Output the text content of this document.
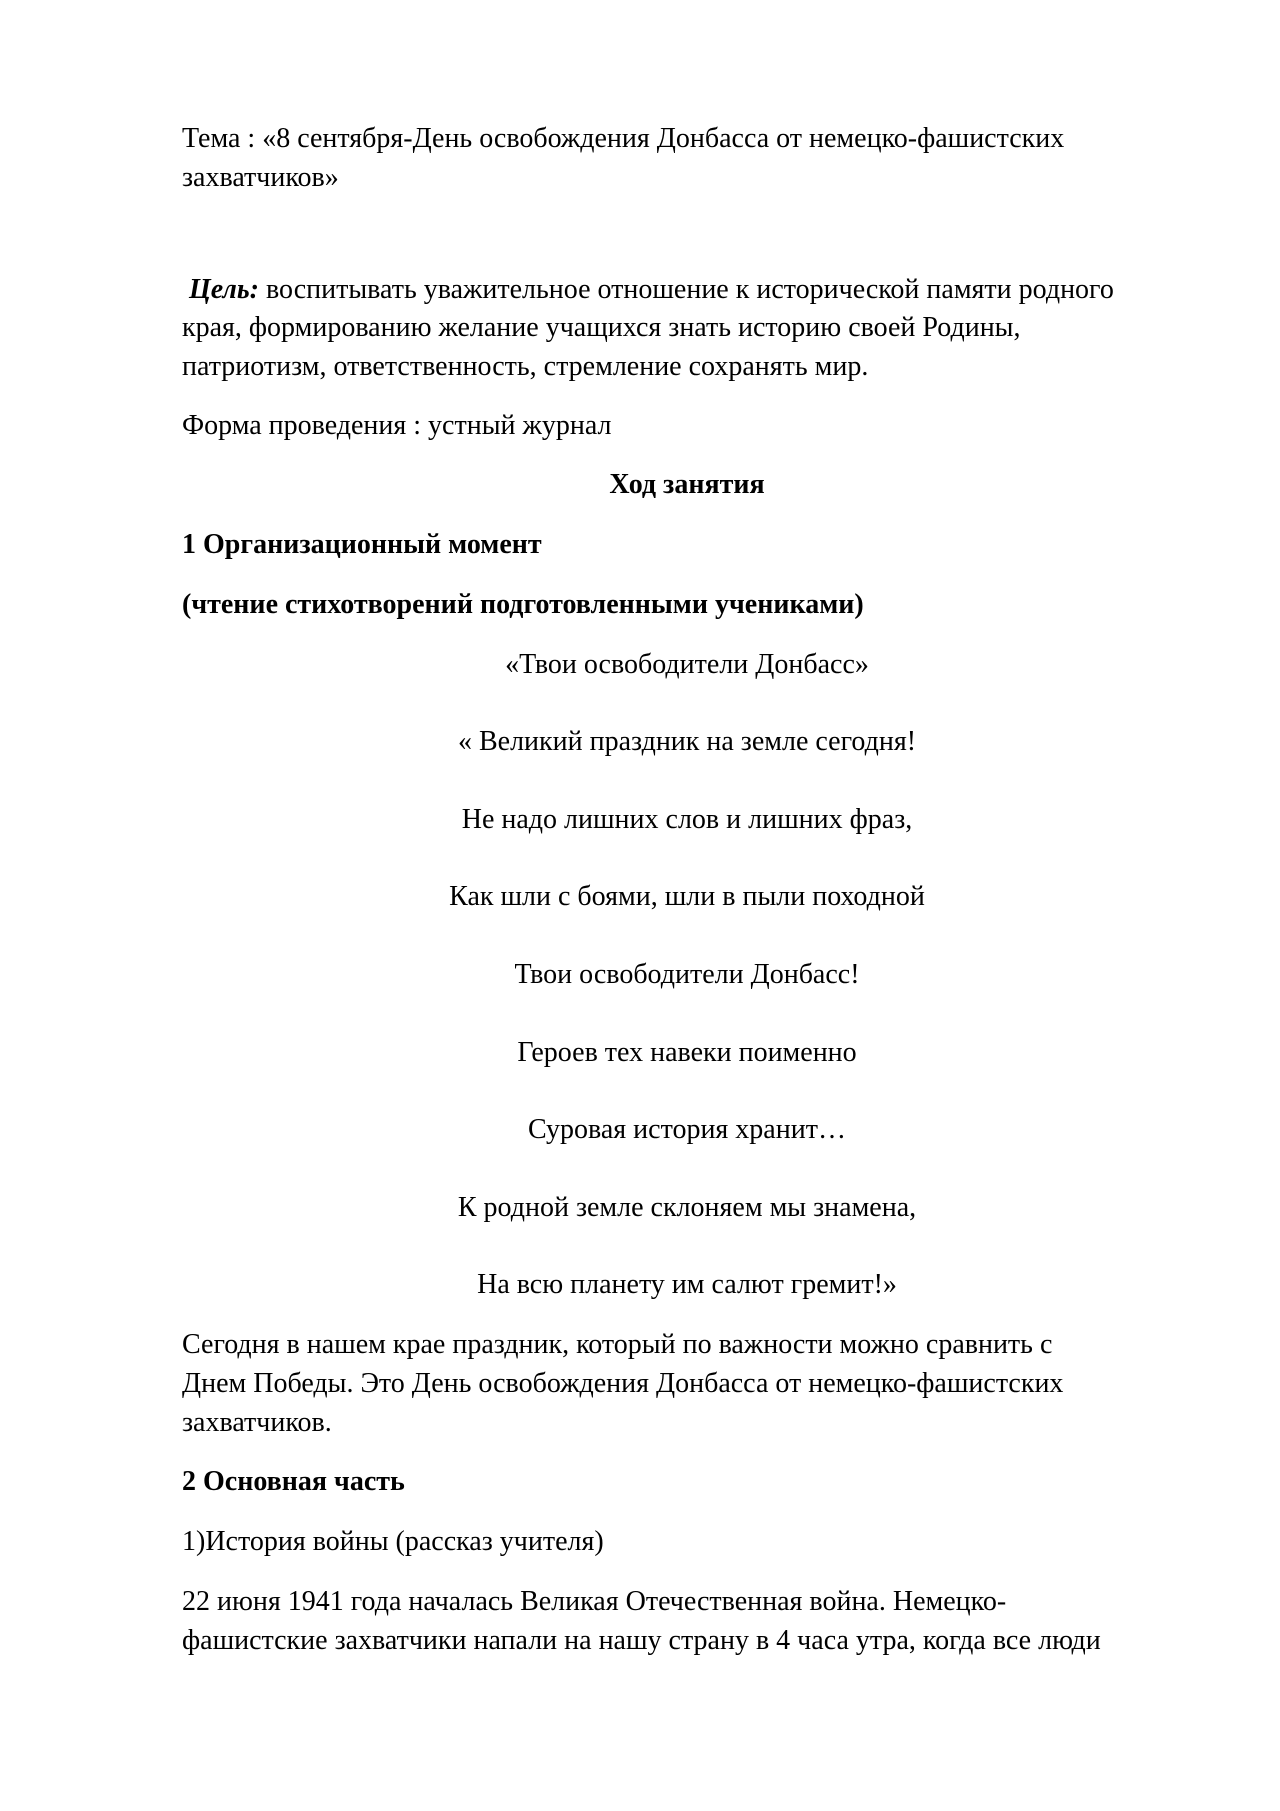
Тема : «8 сентября-День освобождения Донбасса от немецко-фашистских
захватчиков»
Цель: воспитывать уважительное отношение к исторической памяти родного
края, формированию желание учащихся знать историю своей Родины,
патриотизм, ответственность, стремление сохранять мир.
Форма проведения : устный журнал
Ход занятия
1 Организационный момент
(чтение стихотворений подготовленными учениками)
«Твои освободители Донбасс»
« Великий праздник на земле сегодня!
Не надо лишних слов и лишних фраз,
Как шли с боями, шли в пыли походной
Твои освободители Донбасс!
Героев тех навеки поименно
Суровая история хранит…
К родной земле склоняем мы знамена,
На всю планету им салют гремит!»
Сегодня в нашем крае праздник, который по важности можно сравнить с
Днем Победы. Это День освобождения Донбасса от немецко-фашистских
захватчиков.
2 Основная часть
1)История войны (рассказ учителя)
22 июня 1941 года началась Великая Отечественная война. Немецко-
фашистские захватчики напали на нашу страну в 4 часа утра, когда все люди
